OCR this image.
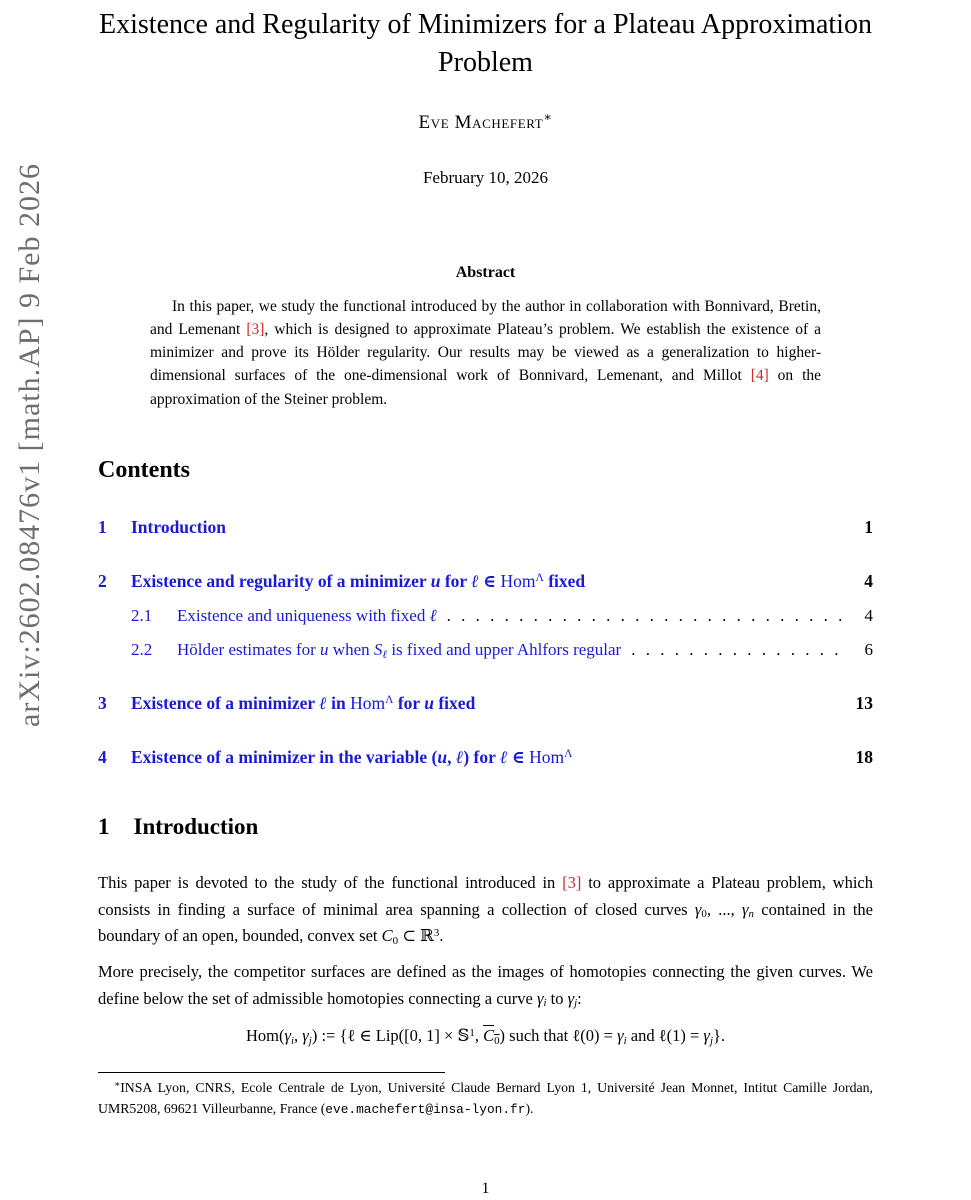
arXiv:2602.08476v1 [math.AP] 9 Feb 2026
Existence and Regularity of Minimizers for a Plateau Approximation Problem
Eve Machefert∗
February 10, 2026
Abstract

In this paper, we study the functional introduced by the author in collaboration with Bonnivard, Bretin, and Lemenant [3], which is designed to approximate Plateau’s problem. We establish the existence of a minimizer and prove its Hölder regularity. Our results may be viewed as a generalization to higher-dimensional surfaces of the one-dimensional work of Bonnivard, Lemenant, and Millot [4] on the approximation of the Steiner problem.

Contents
1	Introduction	1
2	Existence and regularity of a minimizer u for ℓ ∈ Hom$^\Lambda$ fixed	4
2.1	Existence and uniqueness with fixed ℓ . . .	4
2.2	Hölder estimates for u when $S_\ell$ is fixed and upper Ahlfors regular . . .	6
3	Existence of a minimizer ℓ in Hom$^\Lambda$ for u fixed	13
4	Existence of a minimizer in the variable (u, ℓ) for ℓ ∈ Hom$^\Lambda$	18
1 Introduction

This paper is devoted to the study of the functional introduced in [3] to approximate a Plateau problem, which consists in finding a surface of minimal area spanning a collection of closed curves $\gamma_0$, ..., $\gamma_n$ contained in the boundary of an open, bounded, convex set $C_0$ ⊂ ℝ$^3$.

More precisely, the competitor surfaces are defined as the images of homotopies connecting the given curves. We define below the set of admissible homotopies connecting a curve $\gamma_i$ to $\gamma_j$:

$Hom(\gamma_i$, $\gamma_j$) := {ℓ ∈ Lip([0, 1] × 𝕊$^1$, $C_0$) such that ℓ(0) = $\gamma_i$ and ℓ(1) = $\gamma_j$}.

∗INSA Lyon, CNRS, Ecole Centrale de Lyon, Université Claude Bernard Lyon 1, Université Jean Monnet, Intitut Camille Jordan, UMR5208, 69621 Villeurbanne, France (eve.machefert@insa-lyon.fr).

1
